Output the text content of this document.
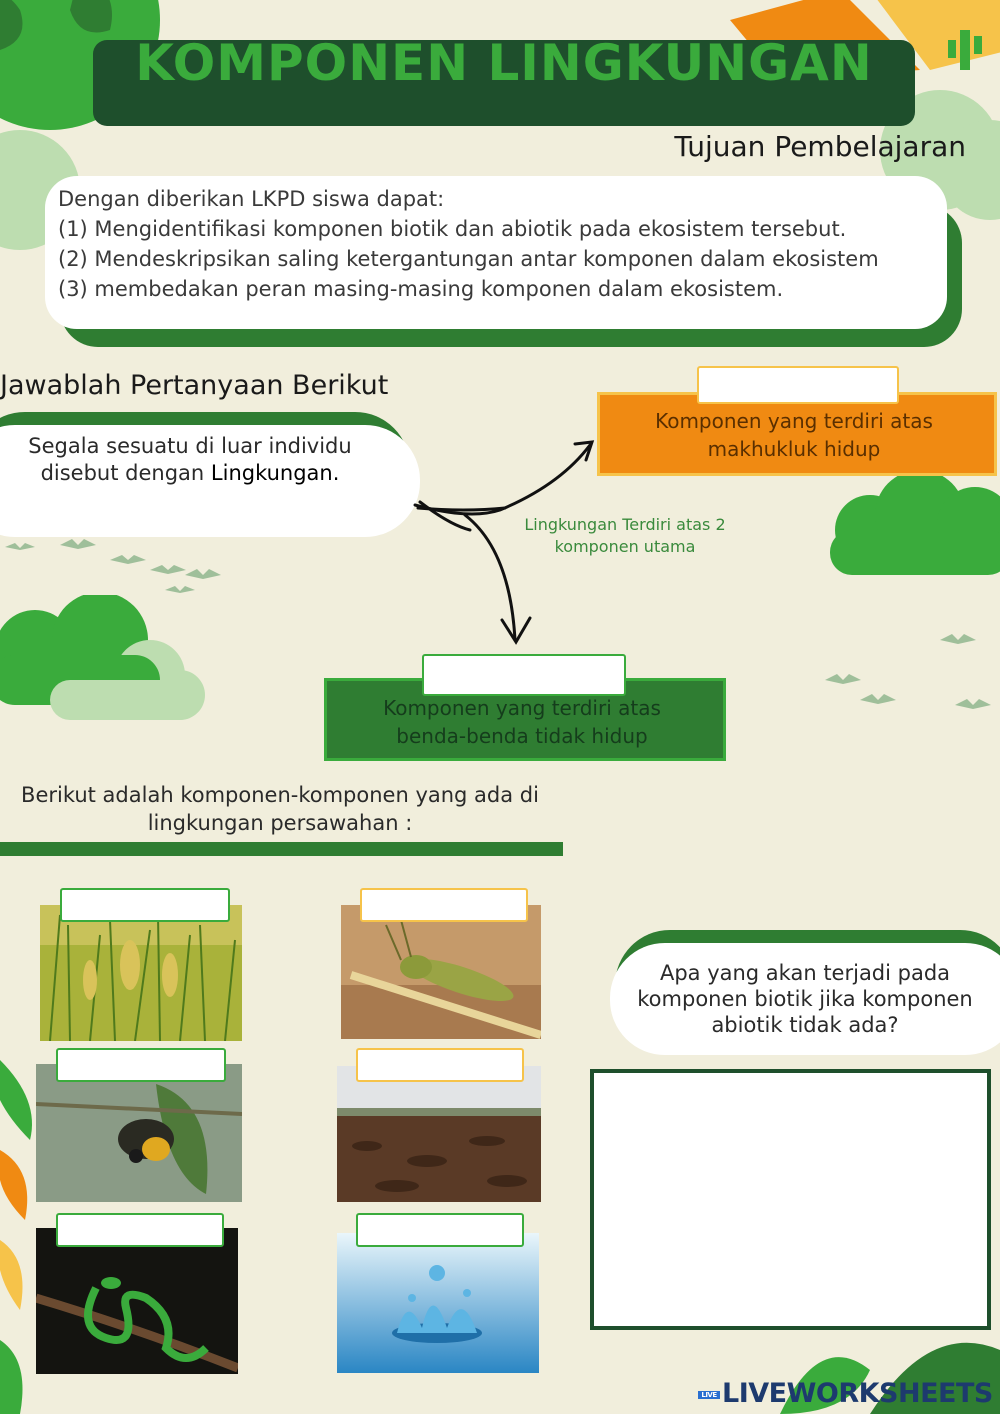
KOMPONEN LINGKUNGAN
Tujuan Pembelajaran
Dengan diberikan LKPD siswa dapat:
(1) Mengidentifikasi komponen biotik dan abiotik pada ekosistem tersebut.
(2) Mendeskripsikan saling ketergantungan antar komponen dalam ekosistem
(3) membedakan peran masing-masing komponen dalam ekosistem.
Jawablah Pertanyaan Berikut
Segala sesuatu di luar individu
disebut dengan Lingkungan.
Lingkungan Terdiri atas 2
komponen utama
Komponen yang terdiri atas
makhukluk hidup
Komponen yang terdiri atas
benda-benda tidak hidup
Berikut adalah komponen-komponen yang ada di
lingkungan persawahan :
Apa yang akan terjadi pada
komponen biotik jika komponen
abiotik tidak ada?
LIVE LIVEWORKSHEETS
